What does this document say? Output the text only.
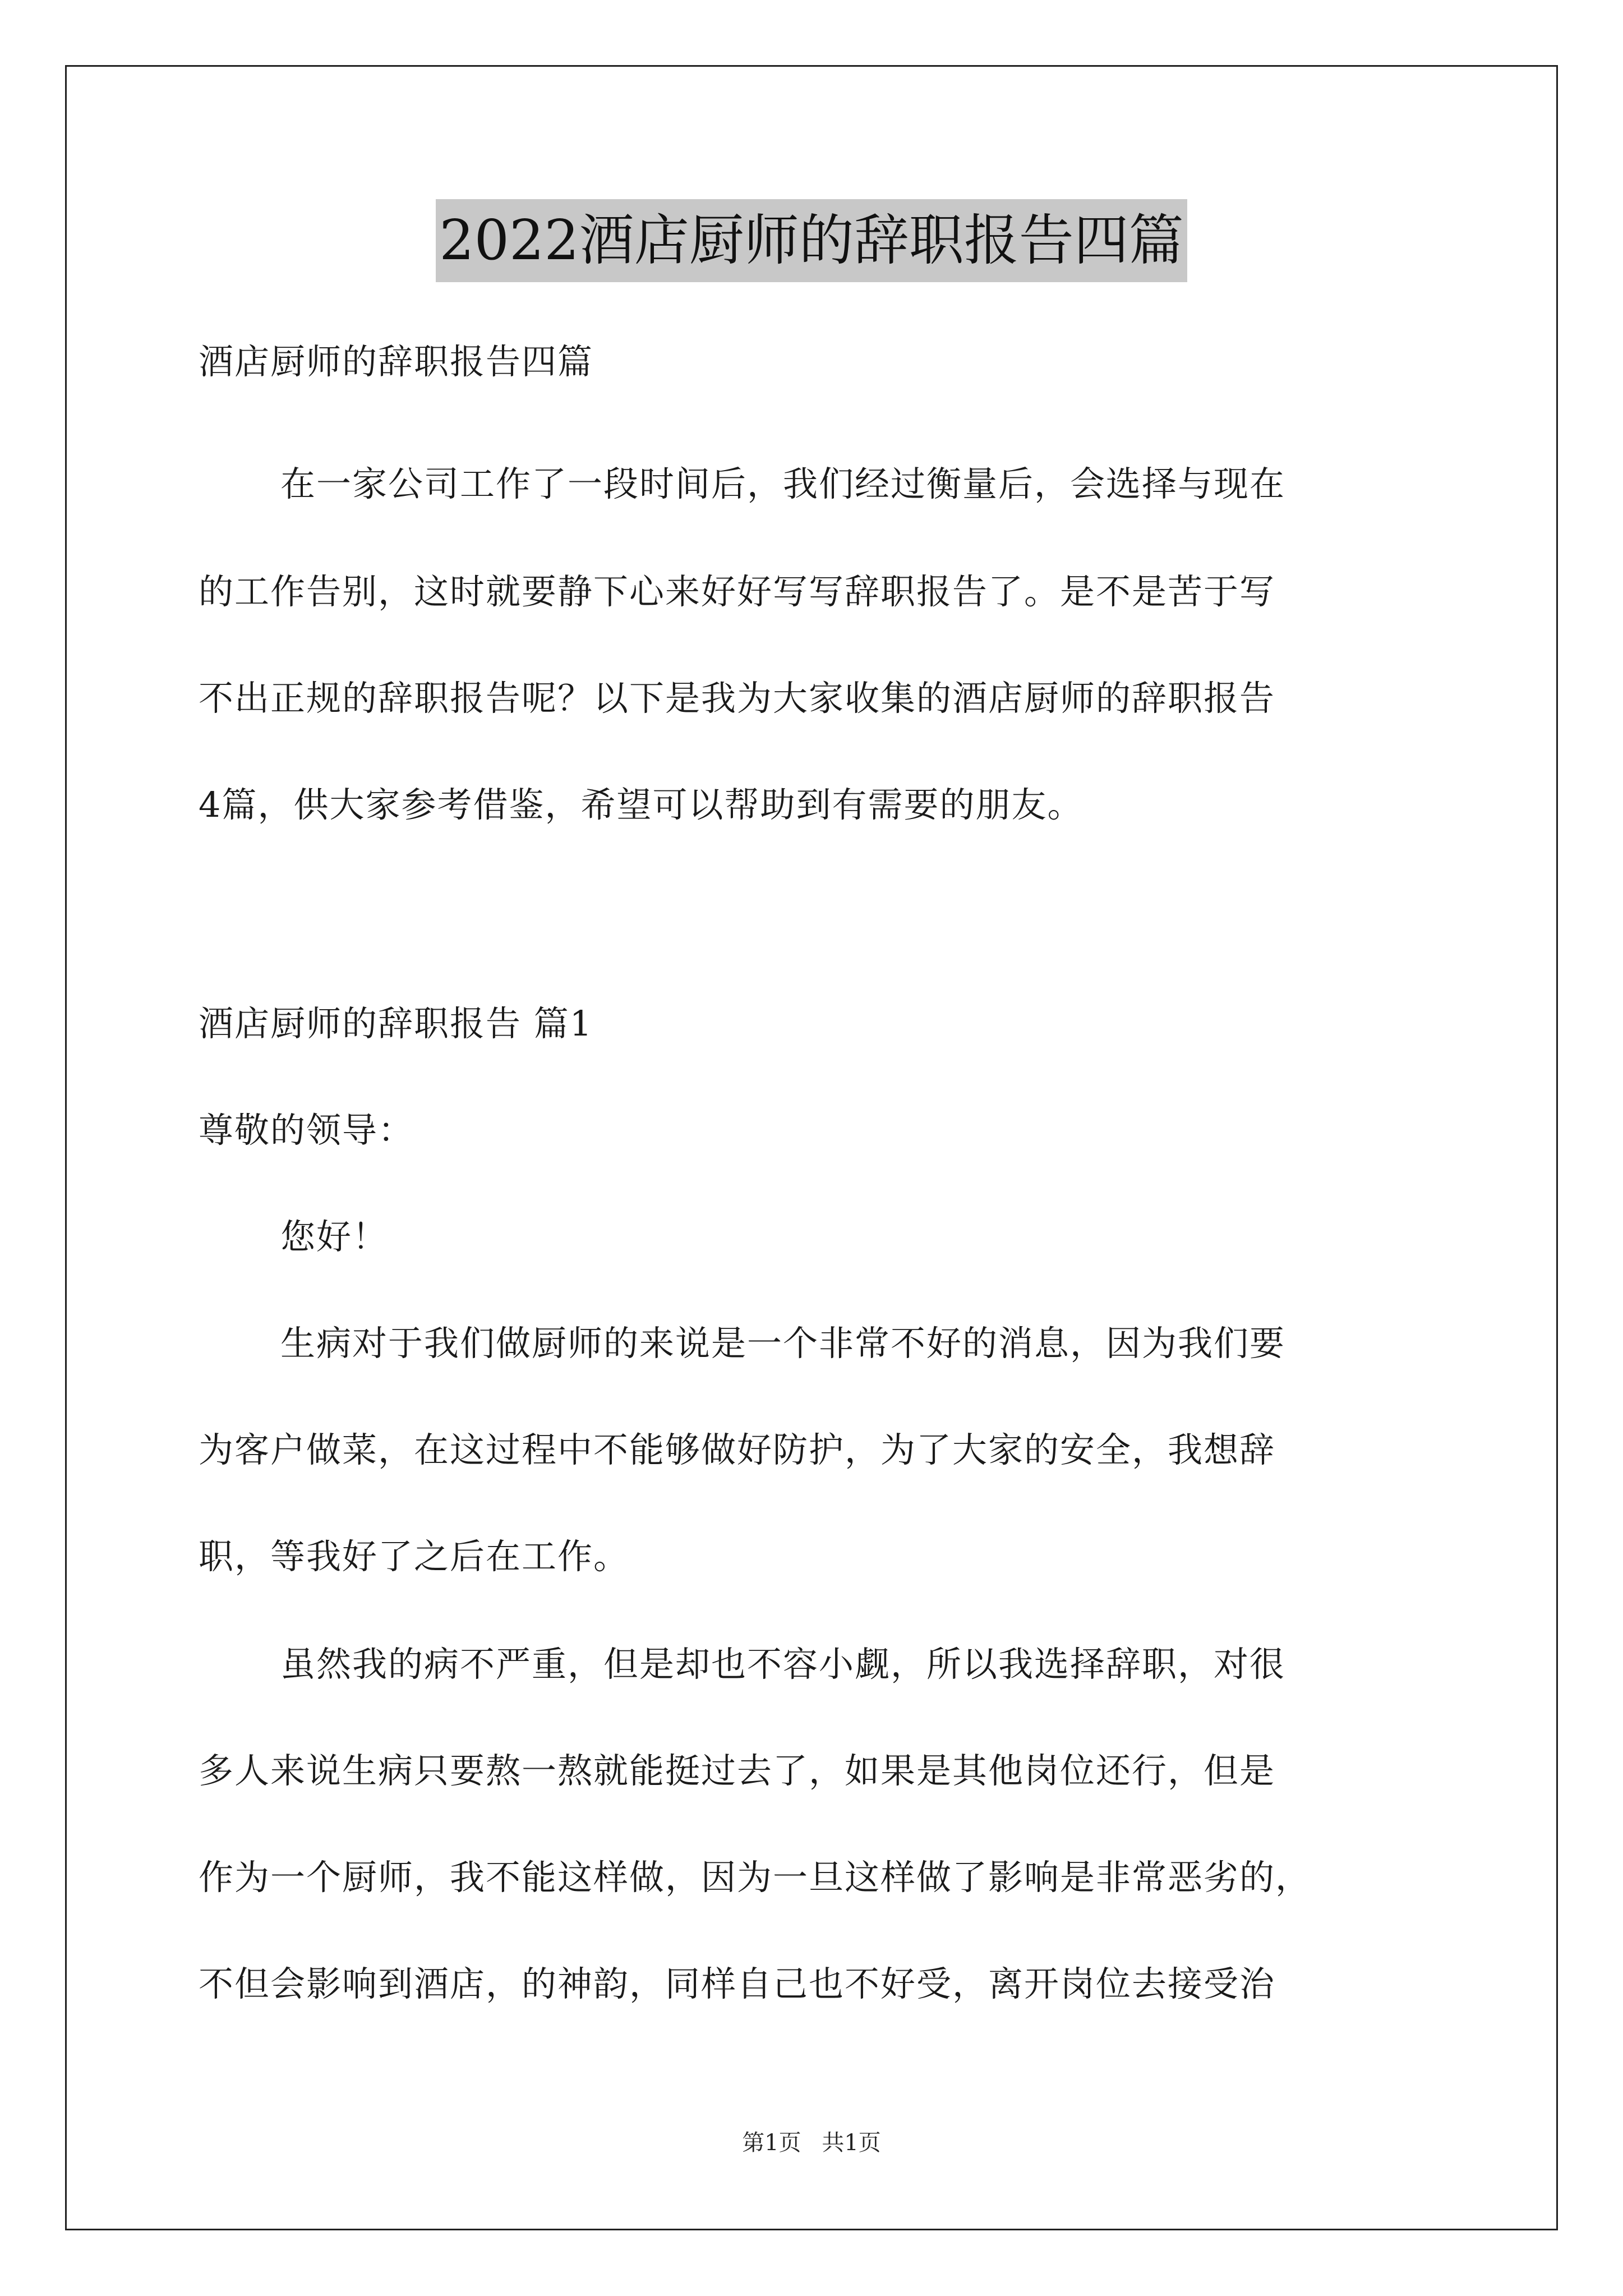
2022酒店厨师的辞职报告四篇
酒店厨师的辞职报告四篇
在一家公司工作了一段时间后，我们经过衡量后，会选择与现在
的工作告别，这时就要静下心来好好写写辞职报告了。是不是苦于写
不出正规的辞职报告呢？以下是我为大家收集的酒店厨师的辞职报告
4篇，供大家参考借鉴，希望可以帮助到有需要的朋友。
酒店厨师的辞职报告 篇1
尊敬的领导：
您好！
生病对于我们做厨师的来说是一个非常不好的消息，因为我们要
为客户做菜，在这过程中不能够做好防护，为了大家的安全，我想辞
职，等我好了之后在工作。
虽然我的病不严重，但是却也不容小觑，所以我选择辞职，对很
多人来说生病只要熬一熬就能挺过去了，如果是其他岗位还行，但是
作为一个厨师，我不能这样做，因为一旦这样做了影响是非常恶劣的，
不但会影响到酒店，的神韵，同样自己也不好受，离开岗位去接受治
第1页 共1页
